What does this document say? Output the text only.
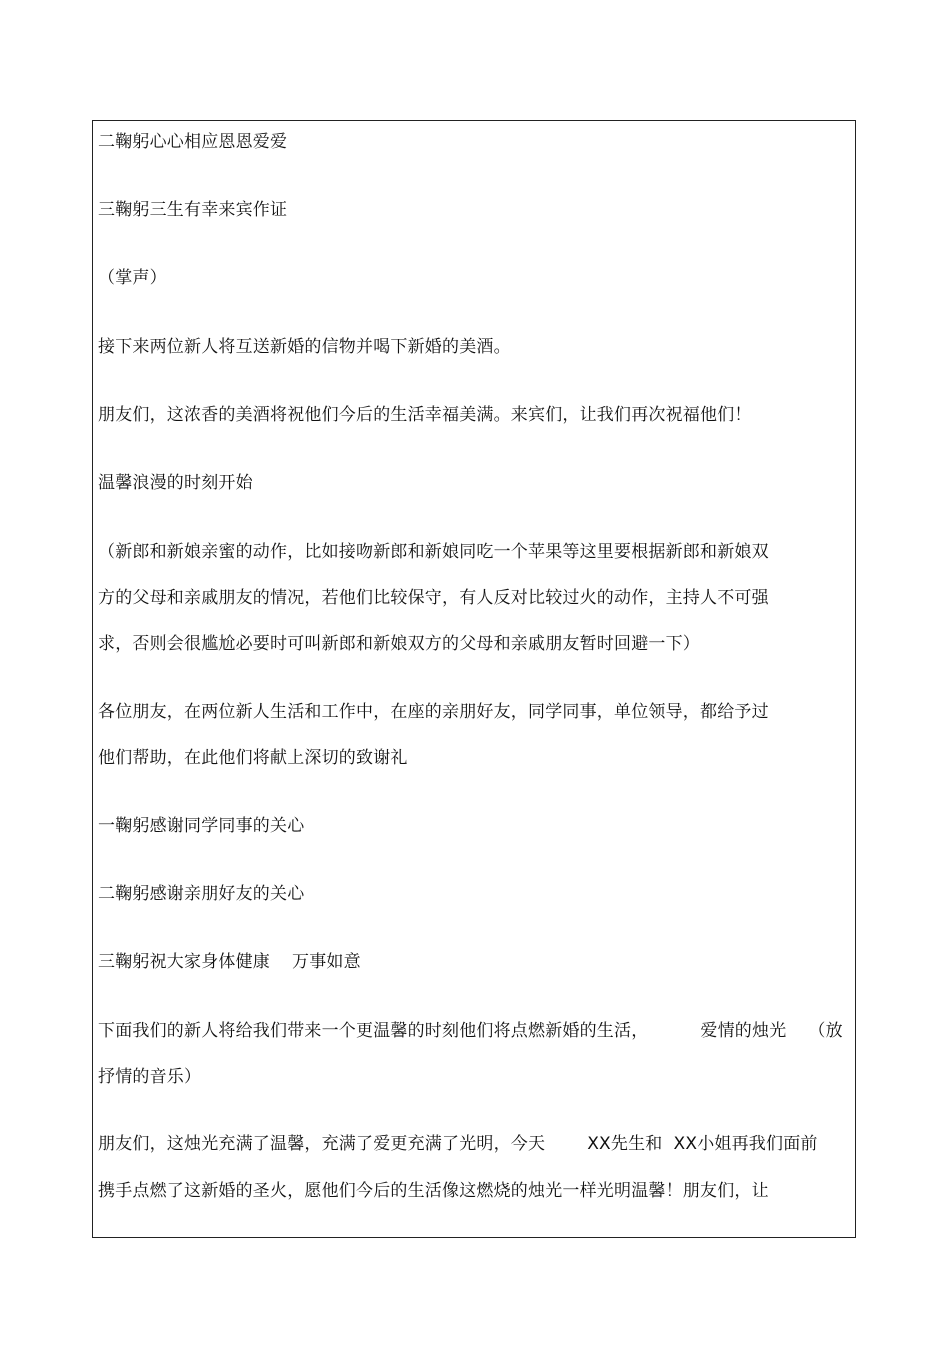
二鞠躬心心相应恩恩爱爱
三鞠躬三生有幸来宾作证
（掌声）
接下来两位新人将互送新婚的信物并喝下新婚的美酒。
朋友们，这浓香的美酒将祝他们今后的生活幸福美满。来宾们，让我们再次祝福他们！
温馨浪漫的时刻开始
（新郎和新娘亲蜜的动作，比如接吻新郎和新娘同吃一个苹果等这里要根据新郎和新娘双
方的父母和亲戚朋友的情况，若他们比较保守，有人反对比较过火的动作，主持人不可强
求，否则会很尴尬必要时可叫新郎和新娘双方的父母和亲戚朋友暂时回避一下）
各位朋友，在两位新人生活和工作中，在座的亲朋好友，同学同事，单位领导，都给予过
他们帮助，在此他们将献上深切的致谢礼
一鞠躬感谢同学同事的关心
二鞠躬感谢亲朋好友的关心
三鞠躬祝大家身体健康 万事如意
下面我们的新人将给我们带来一个更温馨的时刻他们将点燃新婚的生活，	爱情的烛光 （放
抒情的音乐）
朋友们，这烛光充满了温馨，充满了爱更充满了光明，今天 XX先生和 XX小姐再我们面前
携手点燃了这新婚的圣火，愿他们今后的生活像这燃烧的烛光一样光明温馨！朋友们，让
